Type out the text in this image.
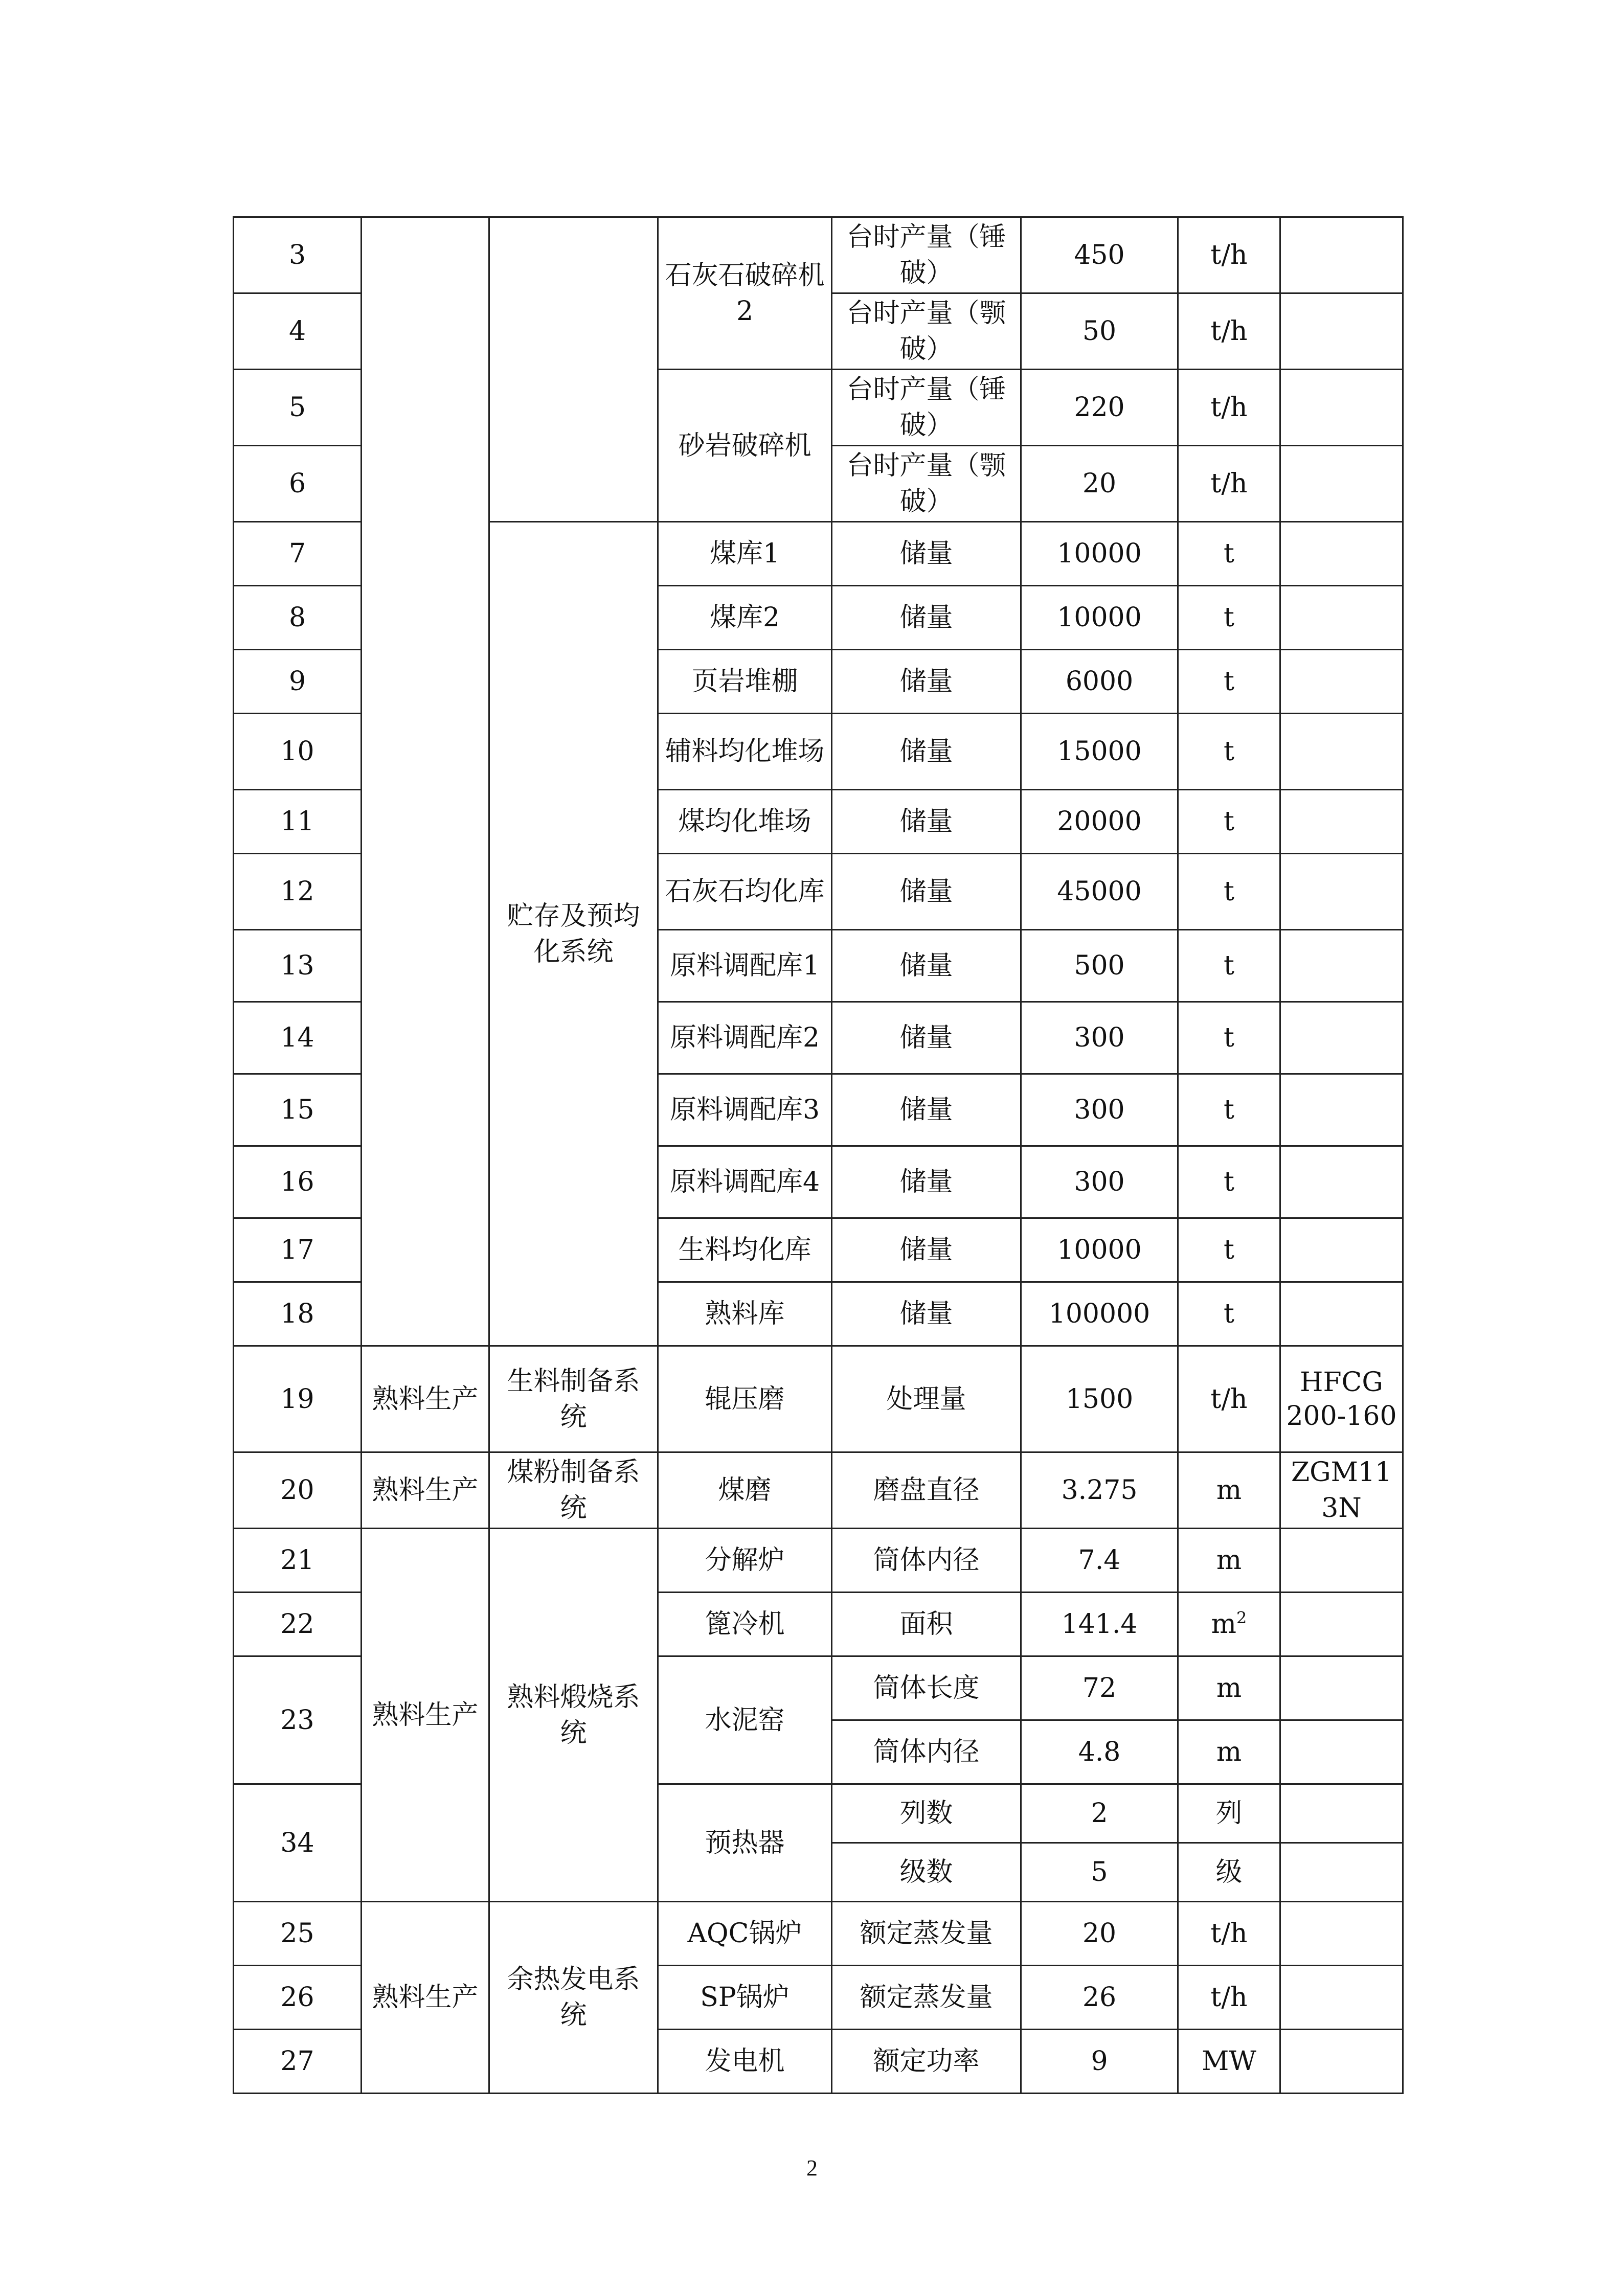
3			石灰石破碎机2	台时产量（锤破）	450	t/h	
4				台时产量（颚破）	50	t/h	
5			砂岩破碎机	台时产量（锤破）	220	t/h	
6				台时产量（颚破）	20	t/h	
7		贮存及预均化系统	煤库1	储量	10000	t	
8			煤库2	储量	10000	t	
9			页岩堆棚	储量	6000	t	
10			辅料均化堆场	储量	15000	t	
11			煤均化堆场	储量	20000	t	
12			石灰石均化库	储量	45000	t	
13			原料调配库1	储量	500	t	
14			原料调配库2	储量	300	t	
15			原料调配库3	储量	300	t	
16			原料调配库4	储量	300	t	
17			生料均化库	储量	10000	t	
18			熟料库	储量	100000	t	
19	熟料生产	生料制备系统	辊压磨	处理量	1500	t/h	HFCG 200-160

20	熟料生产	煤粉制备系统	煤磨	磨盘直径	3.275	m	ZGM113N
21	熟料生产	熟料煅烧系统	分解炉	筒体内径	7.4	m	
22			篦冷机	面积	141.4	$m^2$	
23			水泥窑	筒体长度	72	m	
				筒体内径	4.8	m	
34			预热器	列数	2	列	
				级数	5	级	
25	熟料生产	余热发电系统	AQC锅炉	额定蒸发量	20	t/h	
26			SP锅炉	额定蒸发量	26	t/h	
27			发电机	额定功率	9	MW	
2
